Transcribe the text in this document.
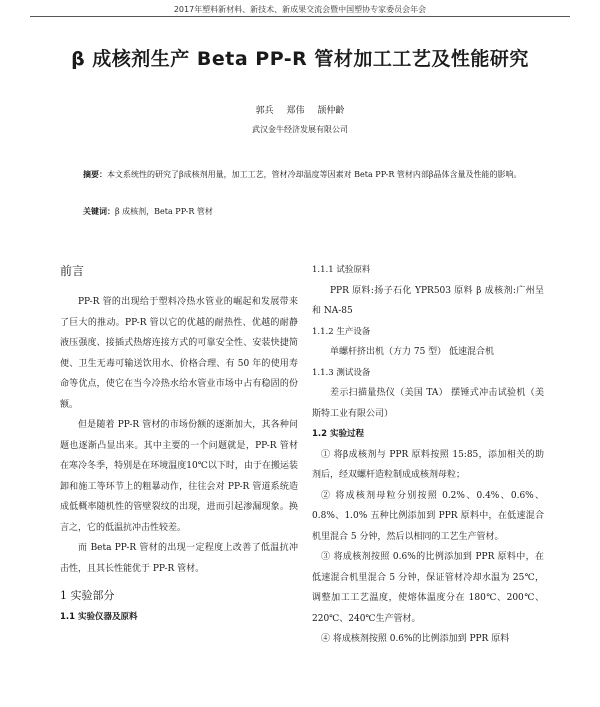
2017年塑料新材料、新技术、新成果交流会暨中国塑协专家委员会年会
β 成核剂生产 Beta PP-R 管材加工工艺及性能研究
郭兵 郑伟 颉仲齡
武汉金牛经济发展有限公司
摘要：本文系统性的研究了β成核剂用量，加工工艺，管材冷却温度等因素对 Beta PP-R 管材内部β晶体含量及性能的影响。
关键词：β 成核剂，Beta PP-R 管材
前言

PP-R 管的出现给于塑料冷热水管业的崛起和发展带来了巨大的推动。PP-R 管以它的优越的耐热性、优越的耐静液压强度、接插式热熔连接方式的可靠安全性、安装快捷简便、卫生无毒可输送饮用水、价格合理、有 50 年的使用寿命等优点，使它在当今冷热水给水管业市场中占有稳固的份额。

但是随着 PP-R 管材的市场份额的逐渐加大，其各种问题也逐渐凸显出来。其中主要的一个问题就是，PP-R 管材在寒冷冬季，特别是在环境温度10℃以下时，由于在搬运装卸和施工等环节上的粗暴动作，往往会对 PP-R 管道系统造成低概率随机性的管壁裂纹的出现，进而引起渗漏现象。换言之，它的低温抗冲击性较差。

而 Beta PP-R 管材的出现一定程度上改善了低温抗冲击性，且其长性能优于 PP-R 管材。

1 实验部分
1.1 实验仪器及原料
1.1.1 试验原料

PPR 原料:扬子石化 YPR503 原料 β 成核剂:广州呈和 NA-85

1.1.2 生产设备

单螺杆挤出机（方力 75 型） 低速混合机

1.1.3 测试设备

差示扫描量热仪（美国 TA） 摆锤式冲击试验机（美斯特工业有限公司）

1.2 实验过程

① 将β成核剂与 PPR 原料按照 15:85，添加相关的助剂后，经双螺杆造粒制成成核剂母粒；

② 将成核剂母粒分别按照 0.2%、0.4%、0.6%、0.8%、1.0% 五种比例添加到 PPR 原料中，在低速混合机里混合 5 分钟，然后以相同的工艺生产管材。

③ 将成核剂按照 0.6%的比例添加到 PPR 原料中，在低速混合机里混合 5 分钟，保证管材冷却水温为 25℃，调整加工工艺温度，使熔体温度分在 180℃、200℃、220℃、240℃生产管材。

④ 将成核剂按照 0.6%的比例添加到 PPR 原料
